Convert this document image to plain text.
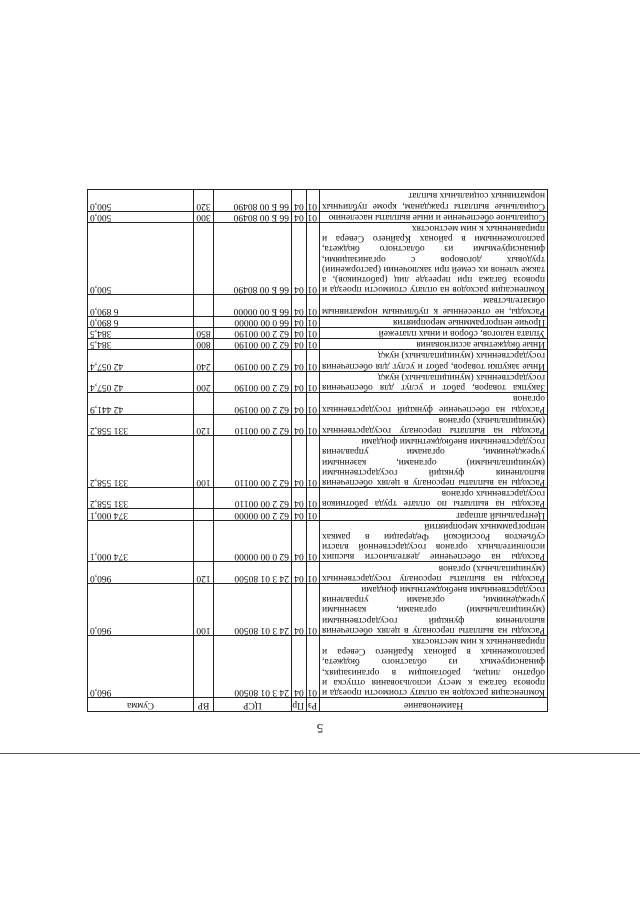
5
Наименование	Рз	Пр	ЦСР	ВР	Сумма
Компенсация расходов на оплату стоимости проезда и провоза багажа к месту использования отпуска и обратно лицам, работающим в организациях, финансируемых из областного бюджета, расположенных в районах Крайнего Севера и приравненных к ним местностях	01	04	24 3 01 80500		960,0
Расходы на выплаты персоналу в целях обеспечения выполнения функций государственными (муниципальными) органами, казенными учреждениями, органами управления государственными внебюджетными фондами	01	04	24 3 01 80500	100	960,0
Расходы на выплаты персоналу государственных (муниципальных) органов	01	04	24 3 01 80500	120	960,0
Расходы на обеспечение деятельности высших исполнительных органов государственной власти субъектов Российской Федерации в рамках непрограммных мероприятий	01	04	62 0 00 00000		374 000,1
Центральный аппарат	01	04	62 2 00 00000		374 000,1
Расходы на выплаты по оплате труда работников государственных органов	01	04	62 2 00 00110		331 558,2
Расходы на выплаты персоналу в целях обеспечения выполнения функций государственными (муниципальными) органами, казенными учреждениями, органами управления государственными внебюджетными фондами	01	04	62 2 00 00110	100	331 558,2
Расходы на выплаты персоналу государственных (муниципальных) органов	01	04	62 2 00 00110	120	331 558,2
Расходы на обеспечение функций государственных органов	01	04	62 2 00 00190		42 441,9
Закупка товаров, работ и услуг для обеспечения государственных (муниципальных) нужд	01	04	62 2 00 00190	200	42 057,4
Иные закупки товаров, работ и услуг для обеспечения государственных (муниципальных) нужд	01	04	62 2 00 00190	240	42 057,4
Иные бюджетные ассигнования	01	04	62 2 00 00190	800	384,5
Уплата налогов, сборов и иных платежей	01	04	62 2 00 00190	850	384,5
Прочие непрограммные мероприятия	01	04	66 0 00 00000		6 890,0
Расходы, не отнесенные к публичным нормативным обязательствам	01	04	66 Б 00 00000		6 890,0
Компенсация расходов на оплату стоимости проезда и провоза багажа при переезде лиц (работников), а также членов их семей при заключении (расторжении) трудовых договоров с организациями, финансируемыми из областного бюджета, расположенными в районах Крайнего Севера и приравненных к ним местностях	01	04	66 Б 00 80490		500,0
Социальное обеспечение и иные выплаты населению	01	04	66 Б 00 80490	300	500,0
Социальные выплаты гражданам, кроме публичных нормативных социальных выплат	01	04	66 Б 00 80490	320	500,0
